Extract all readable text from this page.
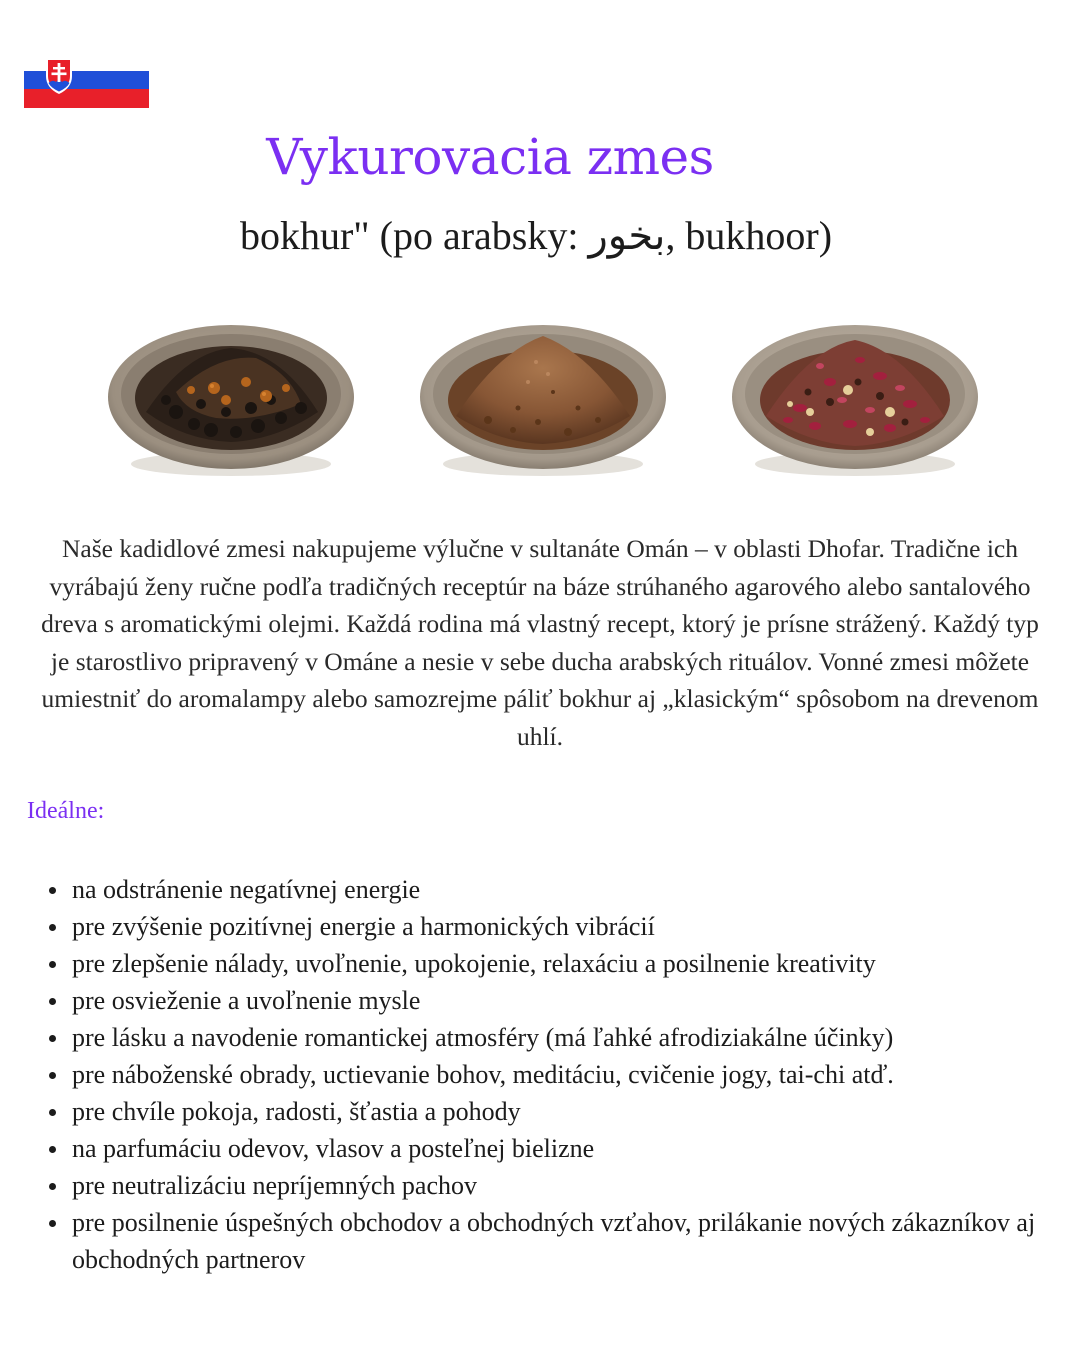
Vykurovacia zmes
bokhur" (po arabsky: بخور, bukhoor)

Naše kadidlové zmesi nakupujeme výlučne v sultanáte Omán – v oblasti Dhofar. Tradične ich vyrábajú ženy ručne podľa tradičných receptúr na báze strúhaného agarového alebo santalového dreva s aromatickými olejmi. Každá rodina má vlastný recept, ktorý je prísne strážený. Každý typ je starostlivo pripravený v Ománe a nesie v sebe ducha arabských rituálov. Vonné zmesi môžete umiestniť do aromalampy alebo samozrejme páliť bokhur aj „klasickým“ spôsobom na drevenom uhlí.

Ideálne:

na odstránenie negatívnej energie
pre zvýšenie pozitívnej energie a harmonických vibrácií
pre zlepšenie nálady, uvoľnenie, upokojenie, relaxáciu a posilnenie kreativity
pre osvieženie a uvoľnenie mysle
pre lásku a navodenie romantickej atmosféry (má ľahké afrodiziakálne účinky)
pre náboženské obrady, uctievanie bohov, meditáciu, cvičenie jogy, tai-chi atď.
pre chvíle pokoja, radosti, šťastia a pohody
na parfumáciu odevov, vlasov a posteľnej bielizne
pre neutralizáciu nepríjemných pachov
pre posilnenie úspešných obchodov a obchodných vzťahov, prilákanie nových zákazníkov aj obchodných partnerov
